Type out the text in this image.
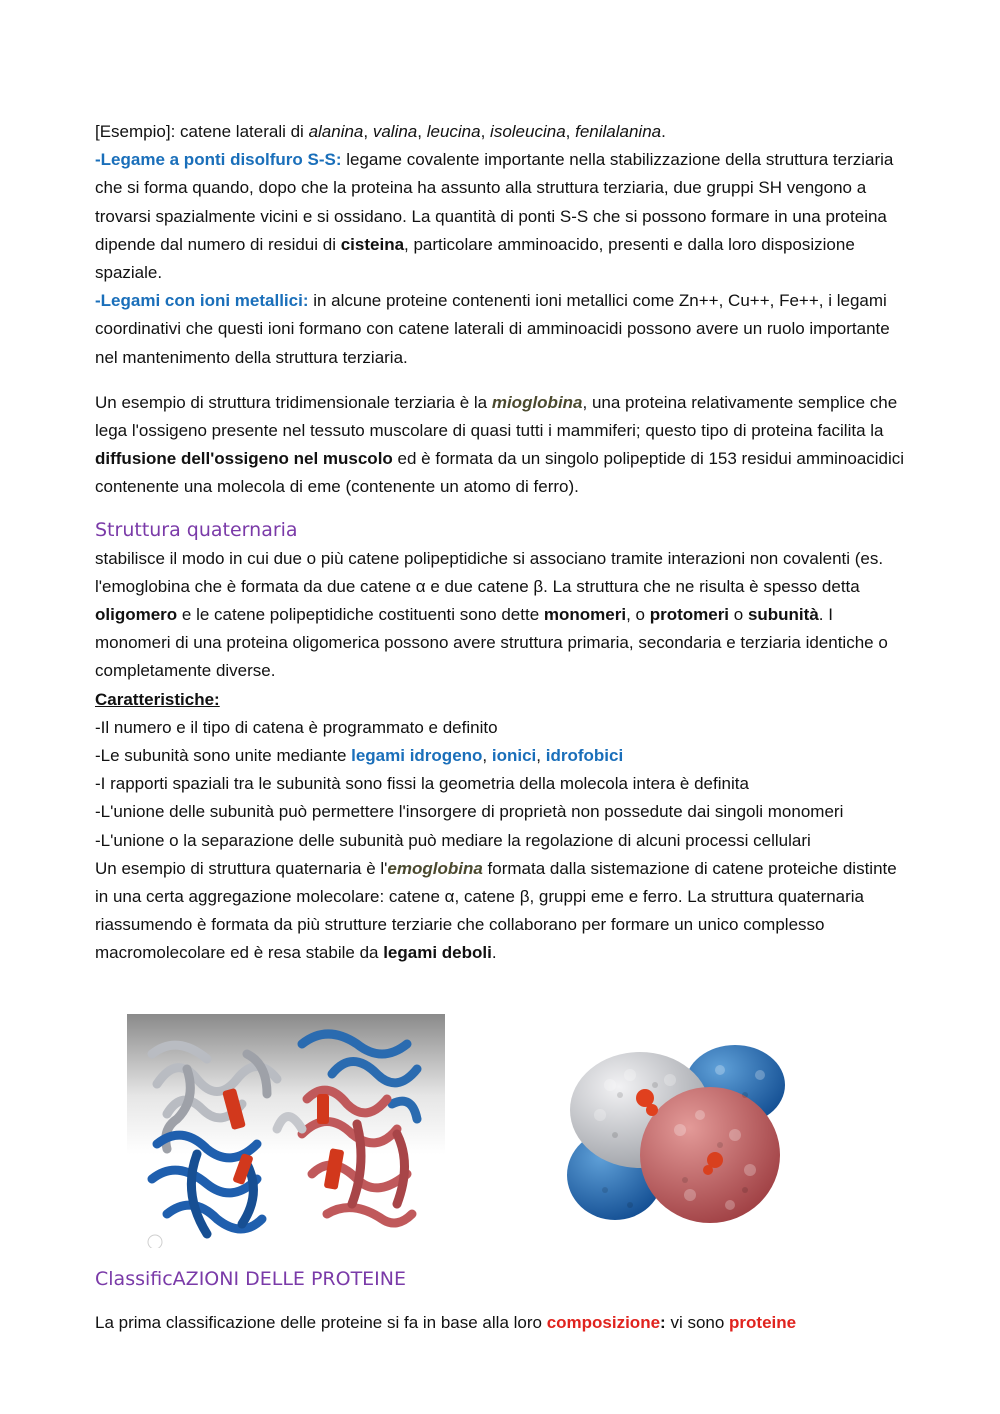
[Esempio]: catene laterali di alanina, valina, leucina, isoleucina, fenilalanina.

-Legame a ponti disolfuro S-S: legame covalente importante nella stabilizzazione della struttura terziaria che si forma quando, dopo che la proteina ha assunto alla struttura terziaria, due gruppi SH vengono a trovarsi spazialmente vicini e si ossidano. La quantità di ponti S-S che si possono formare in una proteina dipende dal numero di residui di cisteina, particolare amminoacido, presenti e dalla loro disposizione spaziale.

-Legami con ioni metallici: in alcune proteine contenenti ioni metallici come Zn++, Cu++, Fe++, i legami coordinativi che questi ioni formano con catene laterali di amminoacidi possono avere un ruolo importante nel mantenimento della struttura terziaria.

Un esempio di struttura tridimensionale terziaria è la mioglobina, una proteina relativamente semplice che lega l'ossigeno presente nel tessuto muscolare di quasi tutti i mammiferi; questo tipo di proteina facilita la diffusione dell'ossigeno nel muscolo ed è formata da un singolo polipeptide di 153 residui amminoacidici contenente una molecola di eme (contenente un atomo di ferro).

Struttura quaternaria

stabilisce il modo in cui due o più catene polipeptidiche si associano tramite interazioni non covalenti (es. l'emoglobina che è formata da due catene α e due catene β. La struttura che ne risulta è spesso detta oligomero e le catene polipeptidiche costituenti sono dette monomeri, o protomeri o subunità. I monomeri di una proteina oligomerica possono avere struttura primaria, secondaria e terziaria identiche o completamente diverse.

Caratteristiche:

-Il numero e il tipo di catena è programmato e definito

-Le subunità sono unite mediante legami idrogeno, ionici, idrofobici

-I rapporti spaziali tra le subunità sono fissi la geometria della molecola intera è definita

-L'unione delle subunità può permettere l'insorgere di proprietà non possedute dai singoli monomeri

-L'unione o la separazione delle subunità può mediare la regolazione di alcuni processi cellulari

Un esempio di struttura quaternaria è l'emoglobina formata dalla sistemazione di catene proteiche distinte in una certa aggregazione molecolare: catene α, catene β, gruppi eme e ferro. La struttura quaternaria riassumendo è formata da più strutture terziarie che collaborano per formare un unico complesso macromolecolare ed è resa stabile da legami deboli.

ClassificAZIONI DELLE PROTEINE

La prima classificazione delle proteine si fa in base alla loro composizione: vi sono proteine
